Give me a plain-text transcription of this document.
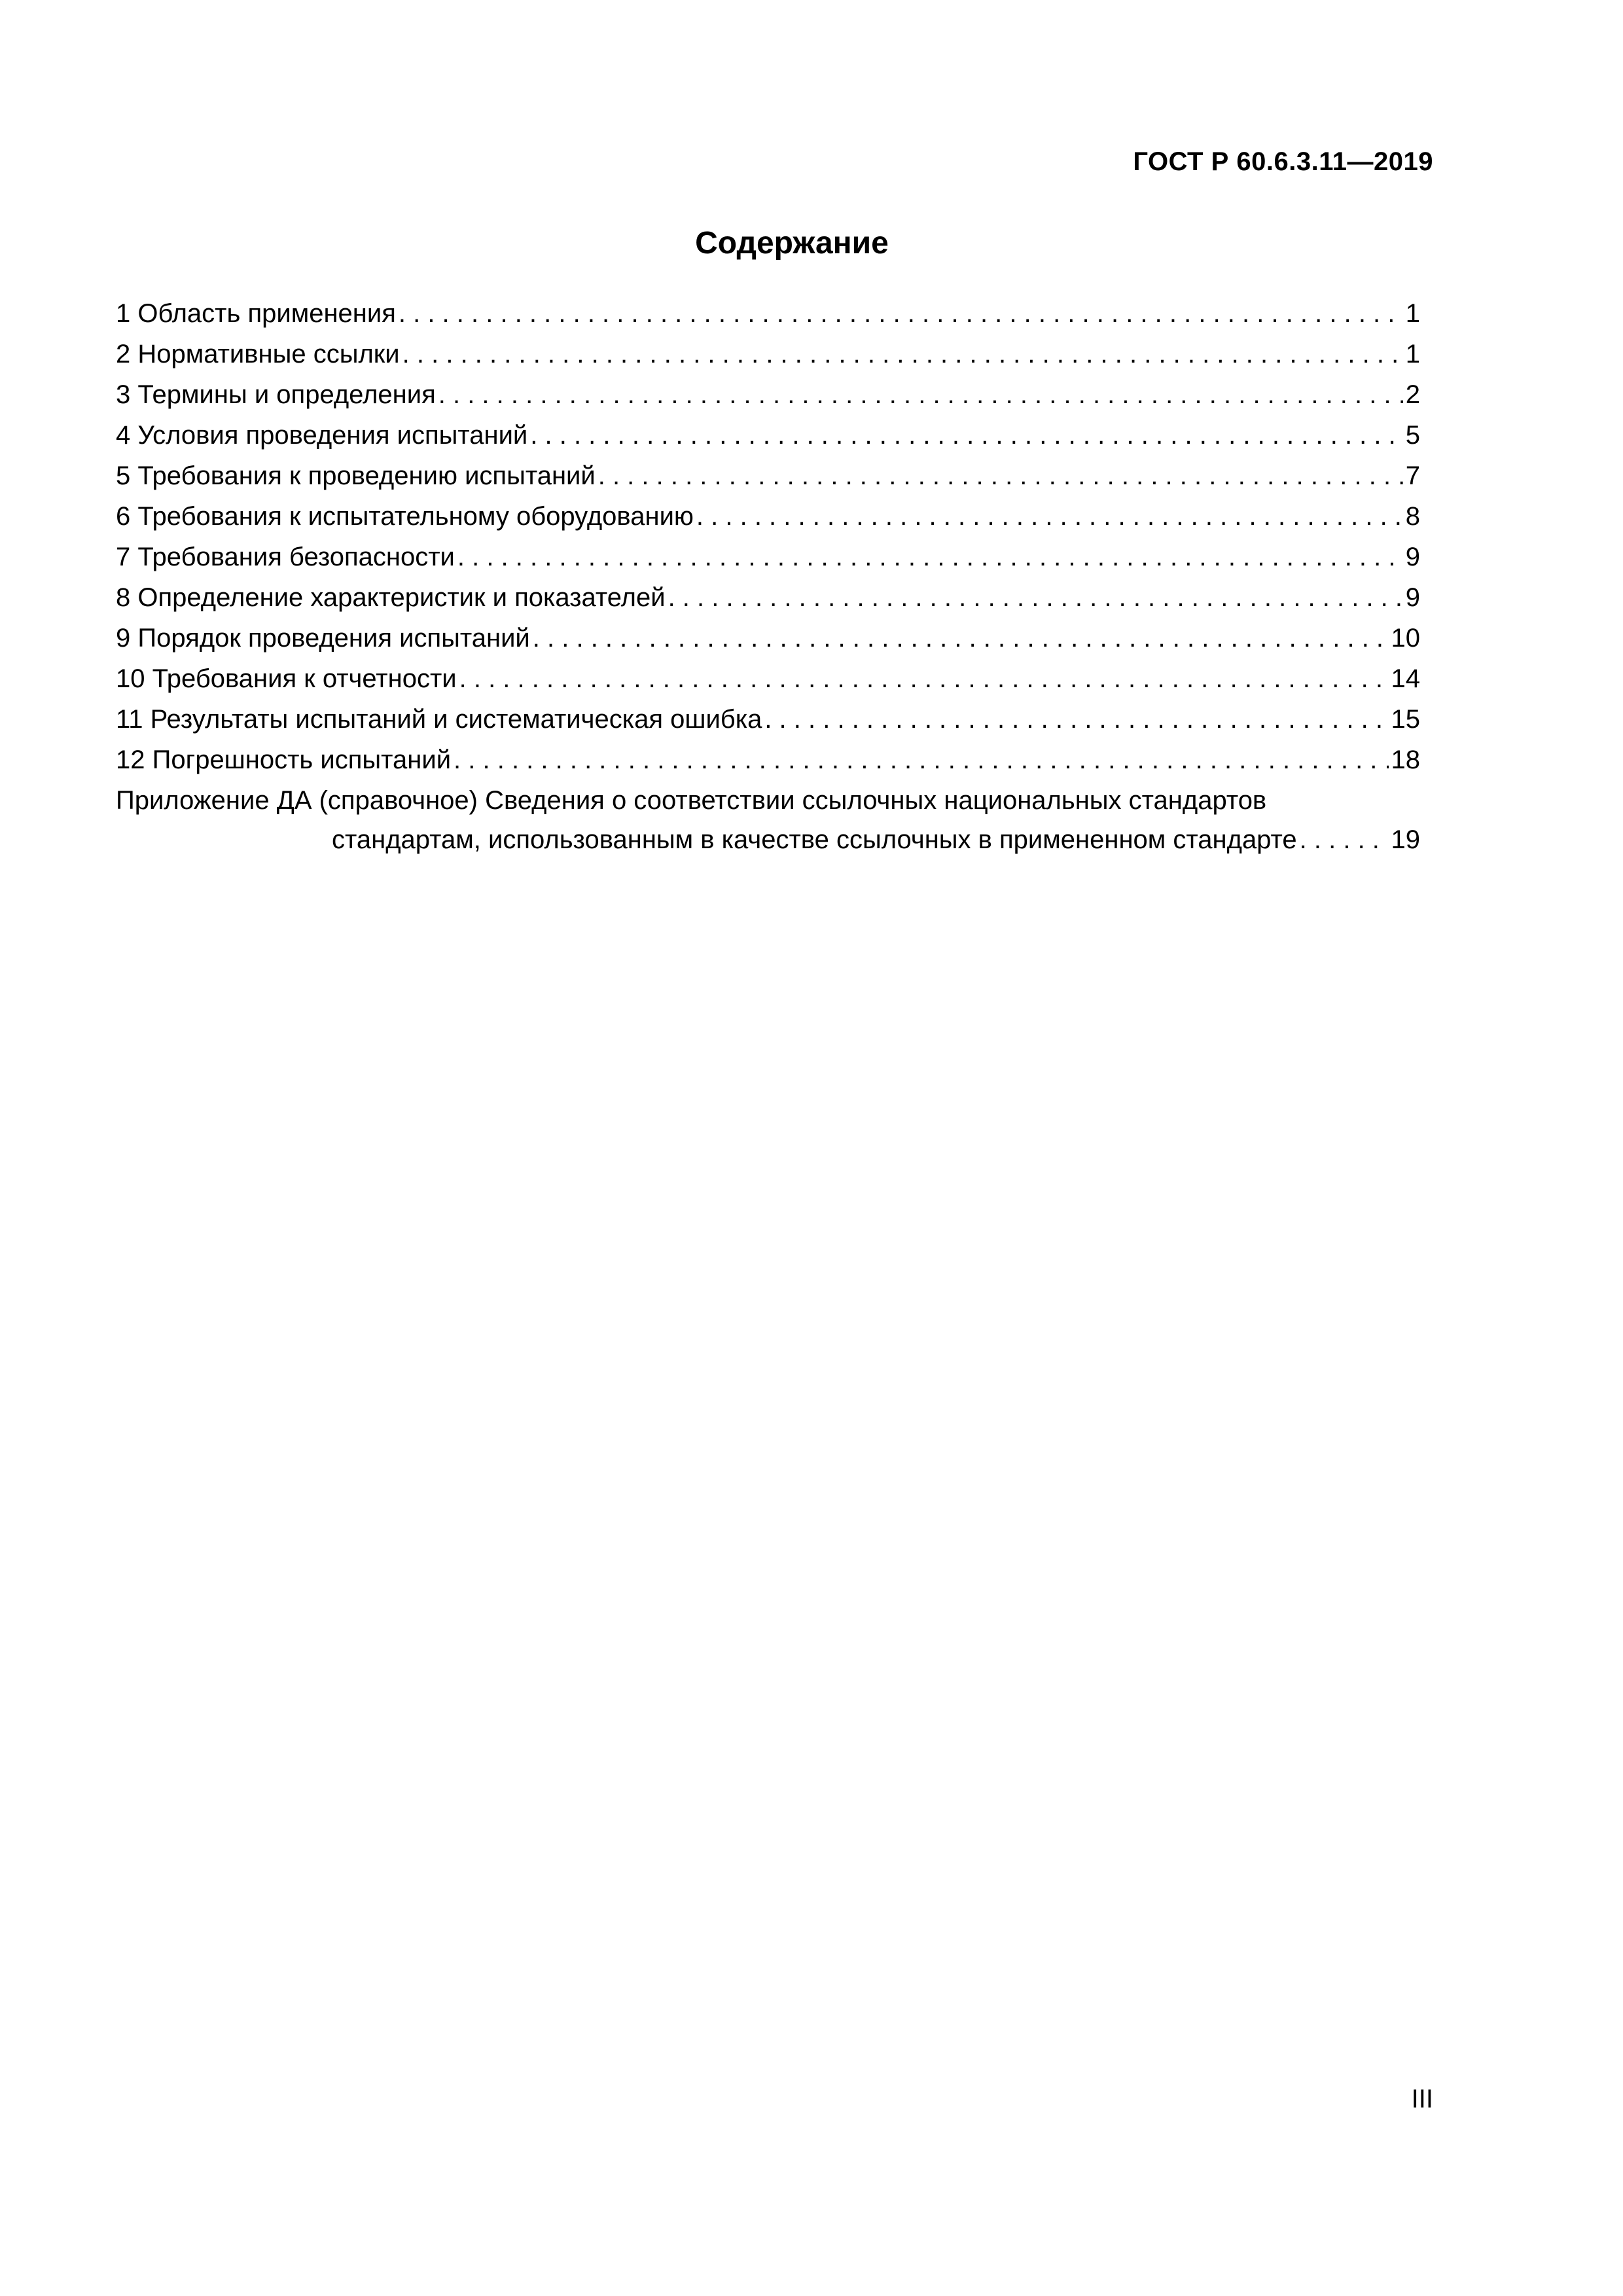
ГОСТ Р 60.6.3.11—2019
Содержание
1 Область применения . . .	1
2 Нормативные ссылки . . .	1
3 Термины и определения . . .	2
4 Условия проведения испытаний . . .	5
5 Требования к проведению испытаний . . .	7
6 Требования к испытательному оборудованию . . .	8
7 Требования безопасности . . .	9
8 Определение характеристик и показателей . . .	9
9 Порядок проведения испытаний . . .	10
10 Требования к отчетности . . .	14
11 Результаты испытаний и систематическая ошибка . . .	15
12 Погрешность испытаний . . .	18
Приложение ДА (справочное) Сведения о соответствии ссылочных национальных стандартов
стандартам, использованным в качестве ссылочных в примененном стандарте . . .	19
III
